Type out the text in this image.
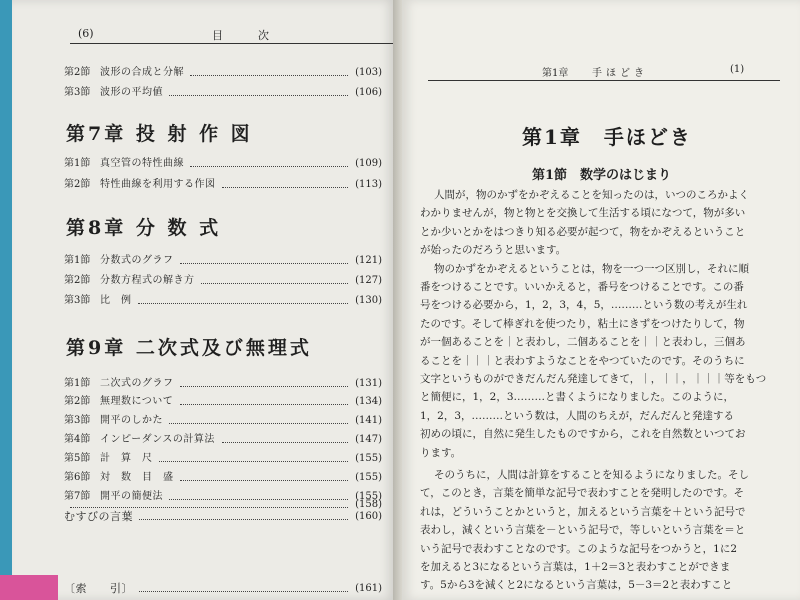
(6)	目	次
第1章 手ほどき	(1)
第1章　手ほどき
第1節　数学のはじまり
第2節 波形の合成と分解	(103)
第3節 波形の平均値	(106)
第7章 投 射 作 図
第1節 真空管の特性曲線	(109)
第2節 特性曲線を利用する作図	(113)
第8章 分 数 式
第1節 分数式のグラフ	(121)
第2節 分数方程式の解き方	(127)
第3節 比　例	(130)
第9章 二次式及び無理式
第1節 二次式のグラフ	(131)
第2節 無理数について	(134)
第3節 開平のしかた	(141)
第4節 インピーダンスの計算法	(147)
第5節 計　算　尺	(155)
第6節 対　数　目　盛	(155)
第7節 開平の簡便法	(155)
(158)
むすびの言葉	(160)
〔索　　引〕	(161)
人間が，物のかずをかぞえることを知ったのは，いつのころかよく
わかりませんが，物と物とを交換して生活する頃になつて，物が多い
とか少いとかをはつきり知る必要が起つて，物をかぞえるということ
が始ったのだろうと思います。
物のかずをかぞえるということは，物を一つ一つ区別し，それに順
番をつけることです。いいかえると，番号をつけることです。この番
号をつける必要から，1，2，3，4，5，………という数の考えが生れ
たのです。そして棒ぎれを使つたり，粘土にきずをつけたりして，物
が一個あることを｜と表わし，二個あることを｜｜と表わし，三個あ
ることを｜｜｜と表わすようなことをやつていたのです。そのうちに
文字というものができだんだん発達してきて，｜，｜｜，｜｜｜等をもつ
と簡便に，1，2，3………と書くようになりました。このように，
1，2，3，………という数は，人間のちえが，だんだんと発達する
初めの頃に，自然に発生したものですから，これを自然数といつてお
ります。
そのうちに，人間は計算をすることを知るようになりました。そし
て，このとき，言葉を簡単な記号で表わすことを発明したのです。そ
れは，どういうことかというと，加えるという言葉を＋という記号で
表わし，減くという言葉を－という記号で，等しいという言葉を＝と
いう記号で表わすことなのです。このような記号をつかうと，1に2
を加えると3になるという言葉は，1＋2＝3と表わすことができま
す。5から3を減くと2になるという言葉は，5－3＝2と表わすこと
